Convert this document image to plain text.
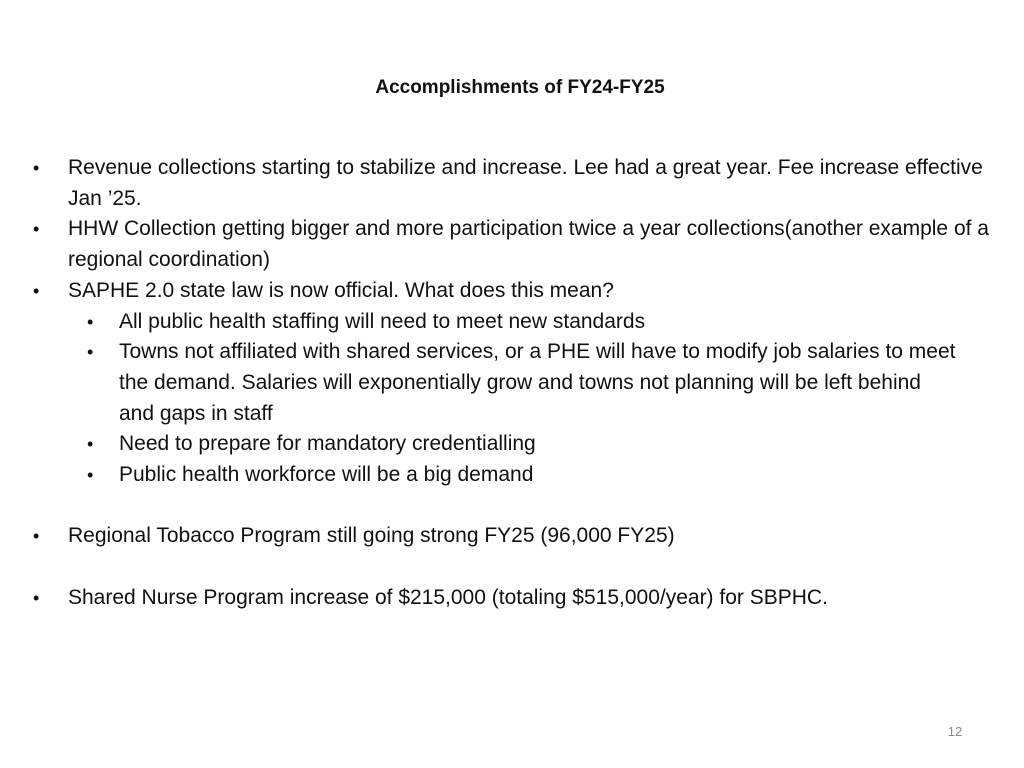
Accomplishments of FY24-FY25

• Revenue collections starting to stabilize and increase. Lee had a great year. Fee increase effective Jan ’25.

• HHW Collection getting bigger and more participation twice a year collections(another example of a regional coordination)

• SAPHE 2.0 state law is now official. What does this mean?

• All public health staffing will need to meet new standards

• Towns not affiliated with shared services, or a PHE will have to modify job salaries to meet the demand. Salaries will exponentially grow and towns not planning will be left behind and gaps in staff

• Need to prepare for mandatory credentialling

• Public health workforce will be a big demand

• Regional Tobacco Program still going strong FY25 (96,000 FY25)

• Shared Nurse Program increase of $215,000 (totaling $515,000/year) for SBPHC.

12
